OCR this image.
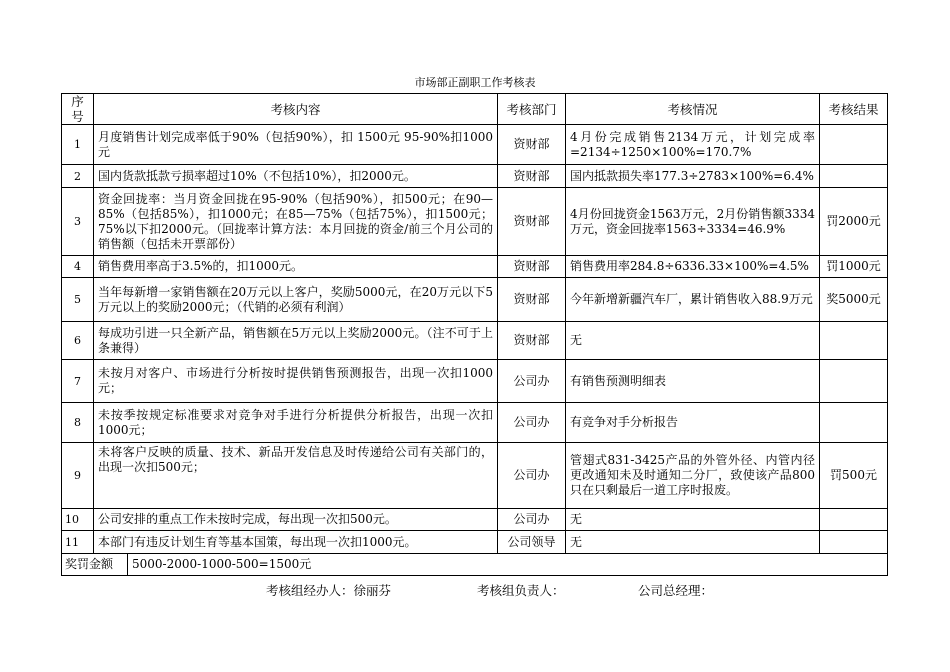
市场部正副职工作考核表
序号	考核内容	考核部门	考核情况	考核结果
1	月度销售计划完成率低于90%（包括90%），扣 1500元 95-90%扣1000元	资财部	4月份完成销售2134万元，计划完成率=2134÷1250×100%=170.7%	
2	国内货款抵款亏损率超过10%（不包括10%），扣2000元。	资财部	国内抵款损失率177.3÷2783×100%=6.4%	
3	资金回拢率：当月资金回拢在95-90%（包括90%），扣500元；在90—85%（包括85%），扣1000元；在85—75%（包括75%），扣1500元；75%以下扣2000元。（回拢率计算方法：本月回拢的资金/前三个月公司的销售额（包括未开票部份）	资财部	4月份回拢资金1563万元，2月份销售额3334万元，资金回拢率1563÷3334=46.9%	罚2000元
4	销售费用率高于3.5%的，扣1000元。	资财部	销售费用率284.8÷6336.33×100%=4.5%	罚1000元
5	当年每新增一家销售额在20万元以上客户，奖励5000元，在20万元以下5万元以上的奖励2000元；（代销的必须有利润）	资财部	今年新增新疆汽车厂，累计销售收入88.9万元	奖5000元
6	每成功引进一只全新产品，销售额在5万元以上奖励2000元。（注不可于上条兼得）	资财部	无	
7	未按月对客户、市场进行分析按时提供销售预测报告，出现一次扣1000元；	公司办	有销售预测明细表	
8	未按季按规定标准要求对竞争对手进行分析提供分析报告，出现一次扣1000元；	公司办	有竞争对手分析报告	
9	未将客户反映的质量、技术、新品开发信息及时传递给公司有关部门的，出现一次扣500元；	公司办	管翅式831-3425产品的外管外径、内管内径更改通知未及时通知二分厂，致使该产品800只在只剩最后一道工序时报废。	罚500元
10	公司安排的重点工作未按时完成，每出现一次扣500元。	公司办	无	
11	本部门有违反计划生育等基本国策，每出现一次扣1000元。	公司领导	无	
奖罚金额 5000-2000-1000-500=1500元				
考核组经办人：徐丽芬	考核组负责人：	公司总经理：
